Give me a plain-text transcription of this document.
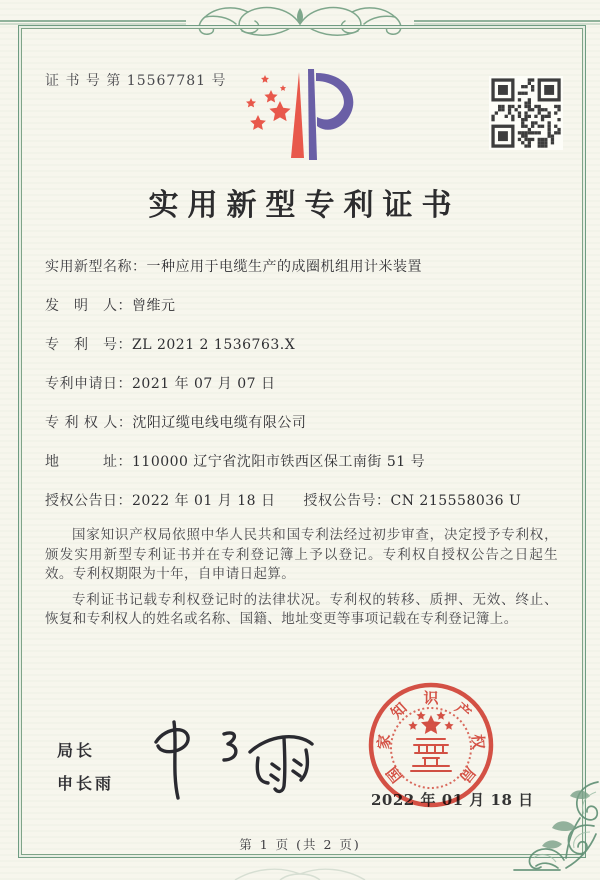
证 书 号 第 15567781 号
实用新型专利证书
实用新型名称：一种应用于电缆生产的成圈机组用计米装置
发　明　人：曾维元
专　利　号：ZL 2021 2 1536763.X
专利申请日：2021 年 07 月 07 日
专 利 权 人：沈阳辽缆电线电缆有限公司
地　　　址：110000 辽宁省沈阳市铁西区保工南街 51 号
授权公告日：2022 年 01 月 18 日 授权公告号：CN 215558036 U

国家知识产权局依照中华人民共和国专利法经过初步审查，决定授予专利权，颁发实用新型专利证书并在专利登记簿上予以登记。专利权自授权公告之日起生效。专利权期限为十年，自申请日起算。

专利证书记载专利权登记时的法律状况。专利权的转移、质押、无效、终止、恢复和专利权人的姓名或名称、国籍、地址变更等事项记载在专利登记簿上。

局长
申长雨
2022 年 01 月 18 日
国
家
知
识
产
权
局
第 1 页 (共 2 页)
